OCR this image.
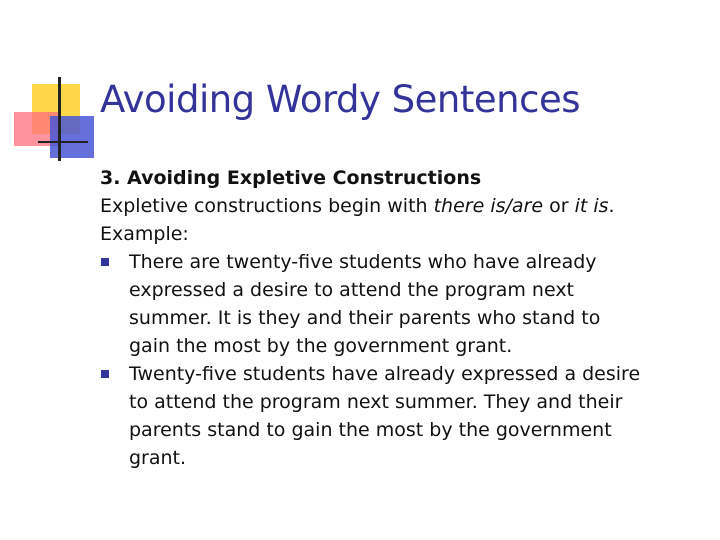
Avoiding Wordy Sentences

3. Avoiding Expletive Constructions

Expletive constructions begin with there is/are or it is.

Example:

There are twenty-five students who have already
expressed a desire to attend the program next
summer. It is they and their parents who stand to
gain the most by the government grant.
Twenty-five students have already expressed a desire
to attend the program next summer. They and their
parents stand to gain the most by the government
grant.
